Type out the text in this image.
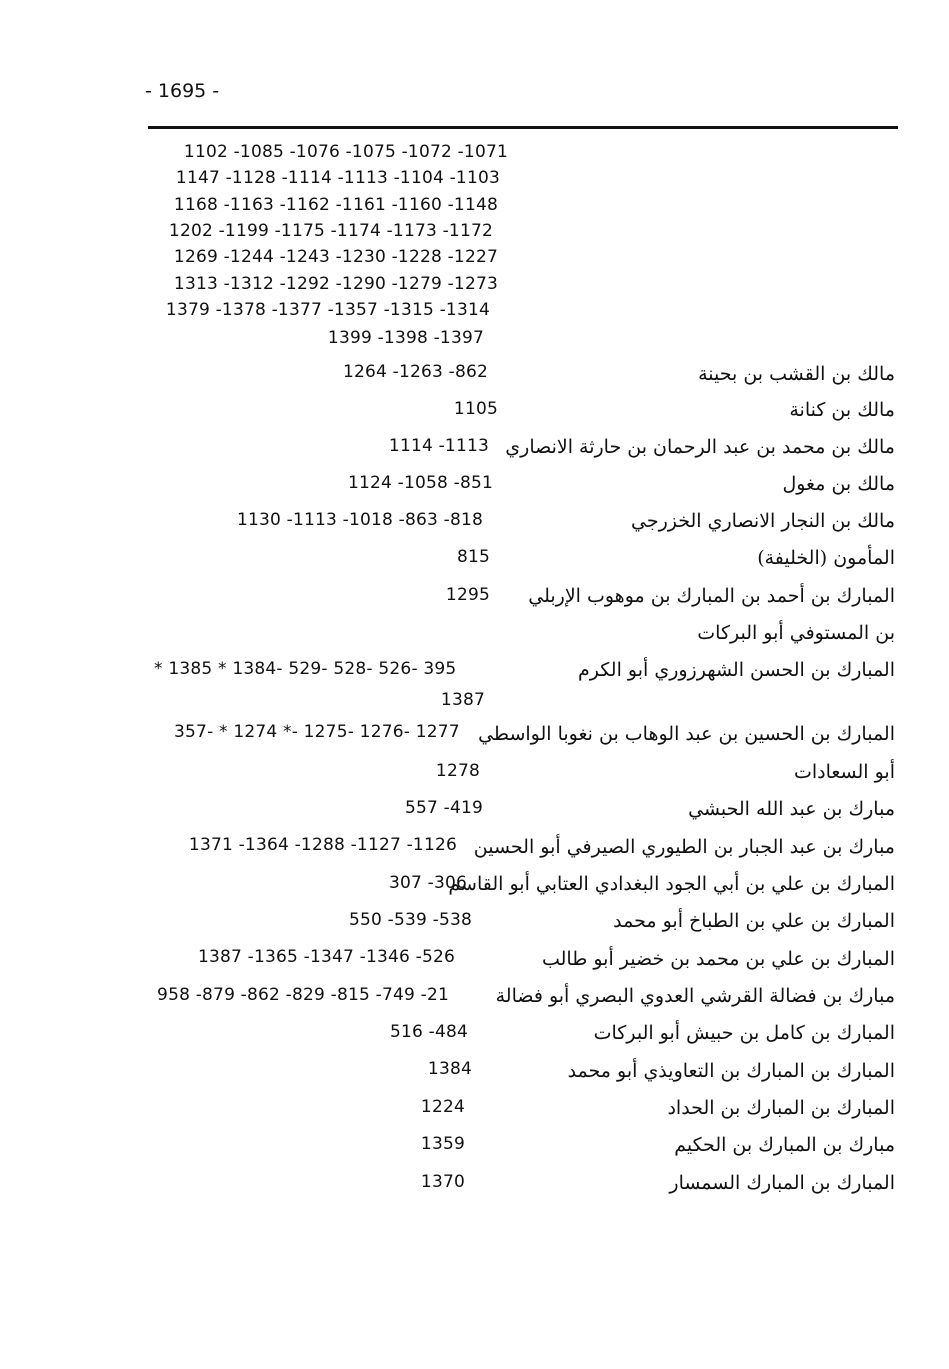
- 1695 -
1102 -1085 -1076 -1075 -1072 -1071
1147 -1128 -1114 -1113 -1104 -1103
1168 -1163 -1162 -1161 -1160 -1148
1202 -1199 -1175 -1174 -1173 -1172
1269 -1244 -1243 -1230 -1228 -1227
1313 -1312 -1292 -1290 -1279 -1273
1379 -1378 -1377 -1357 -1315 -1314
1399 -1398 -1397
مالك بن القشب بن بحينة
1264 -1263 -862
مالك بن كنانة
1105
مالك بن محمد بن عبد الرحمان بن حارثة الانصاري
1114 -1113
مالك بن مغول
1124 -1058 -851
مالك بن النجار الانصاري الخزرجي
1130 -1113 -1018 -863 -818
المأمون (الخليفة)
815
المبارك بن أحمد بن المبارك بن موهوب الإربلي
1295
بن المستوفي أبو البركات
المبارك بن الحسن الشهرزوري أبو الكرم
395 -526 -528 -529 -1384 * 1385 *
1387
المبارك بن الحسين بن عبد الوهاب بن نغوبا الواسطي
1277 -1276 -1275 -* 1274 * -357
أبو السعادات
1278
مبارك بن عبد الله الحبشي
557 -419
مبارك بن عبد الجبار بن الطيوري الصيرفي أبو الحسين
1371 -1364 -1288 -1127 -1126
المبارك بن علي بن أبي الجود البغدادي العتابي أبو القاسم
307 -306
المبارك بن علي بن الطباخ أبو محمد
550 -539 -538
المبارك بن علي بن محمد بن خضير أبو طالب
1387 -1365 -1347 -1346 -526
مبارك بن فضالة القرشي العدوي البصري أبو فضالة
958 -879 -862 -829 -815 -749 -21
المبارك بن كامل بن حبيش أبو البركات
516 -484
المبارك بن المبارك بن التعاويذي أبو محمد
1384
المبارك بن المبارك بن الحداد
1224
مبارك بن المبارك بن الحكيم
1359
المبارك بن المبارك السمسار
1370
